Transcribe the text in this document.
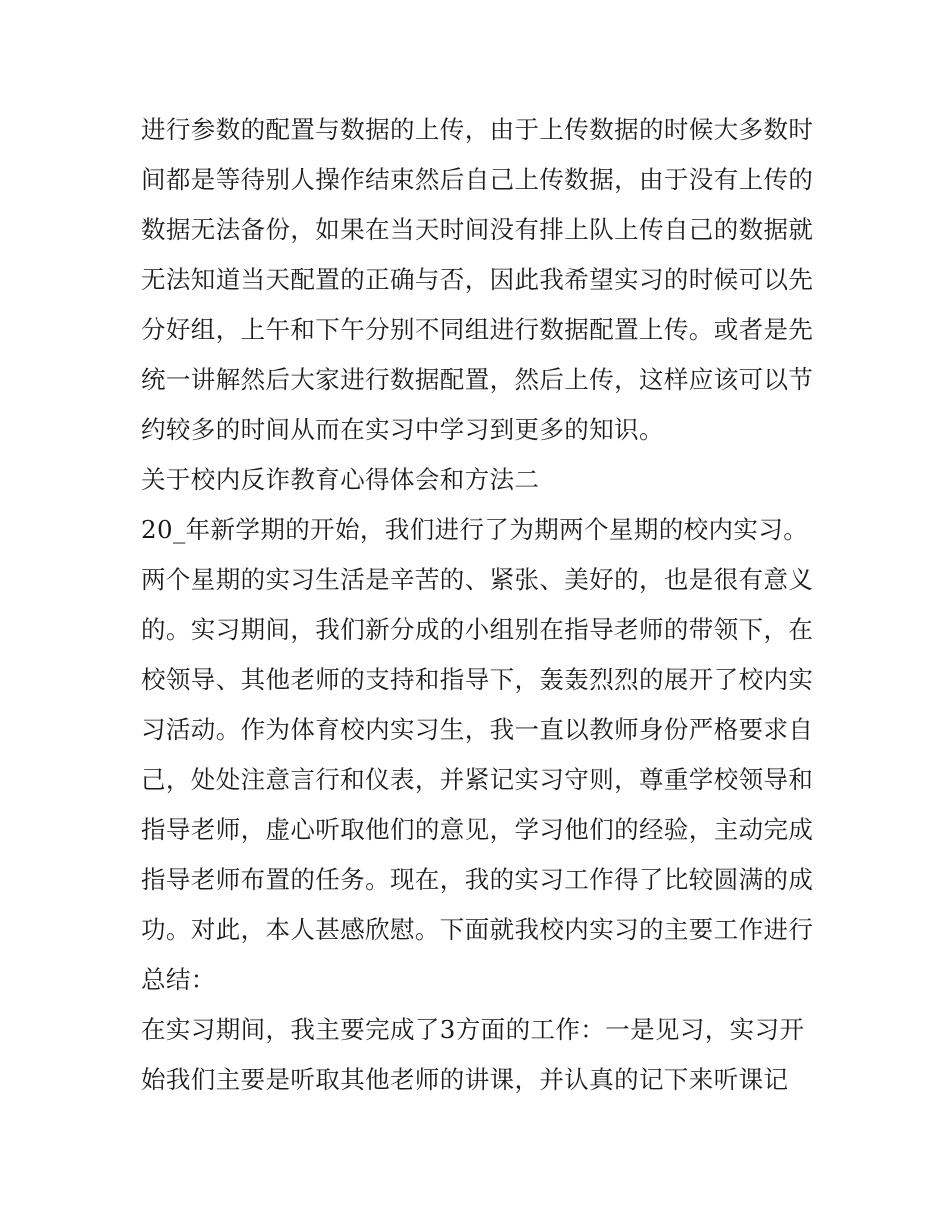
进行参数的配置与数据的上传，由于上传数据的时候大多数时
间都是等待别人操作结束然后自己上传数据，由于没有上传的
数据无法备份，如果在当天时间没有排上队上传自己的数据就
无法知道当天配置的正确与否，因此我希望实习的时候可以先
分好组，上午和下午分别不同组进行数据配置上传。或者是先
统一讲解然后大家进行数据配置，然后上传，这样应该可以节
约较多的时间从而在实习中学习到更多的知识。
关于校内反诈教育心得体会和方法二
20_年新学期的开始，我们进行了为期两个星期的校内实习。
两个星期的实习生活是辛苦的、紧张、美好的，也是很有意义
的。实习期间，我们新分成的小组别在指导老师的带领下，在
校领导、其他老师的支持和指导下，轰轰烈烈的展开了校内实
习活动。作为体育校内实习生，我一直以教师身份严格要求自
己，处处注意言行和仪表，并紧记实习守则，尊重学校领导和
指导老师，虚心听取他们的意见，学习他们的经验，主动完成
指导老师布置的任务。现在，我的实习工作得了比较圆满的成
功。对此，本人甚感欣慰。下面就我校内实习的主要工作进行
总结：
在实习期间，我主要完成了3方面的工作：一是见习，实习开
始我们主要是听取其他老师的讲课，并认真的记下来听课记
